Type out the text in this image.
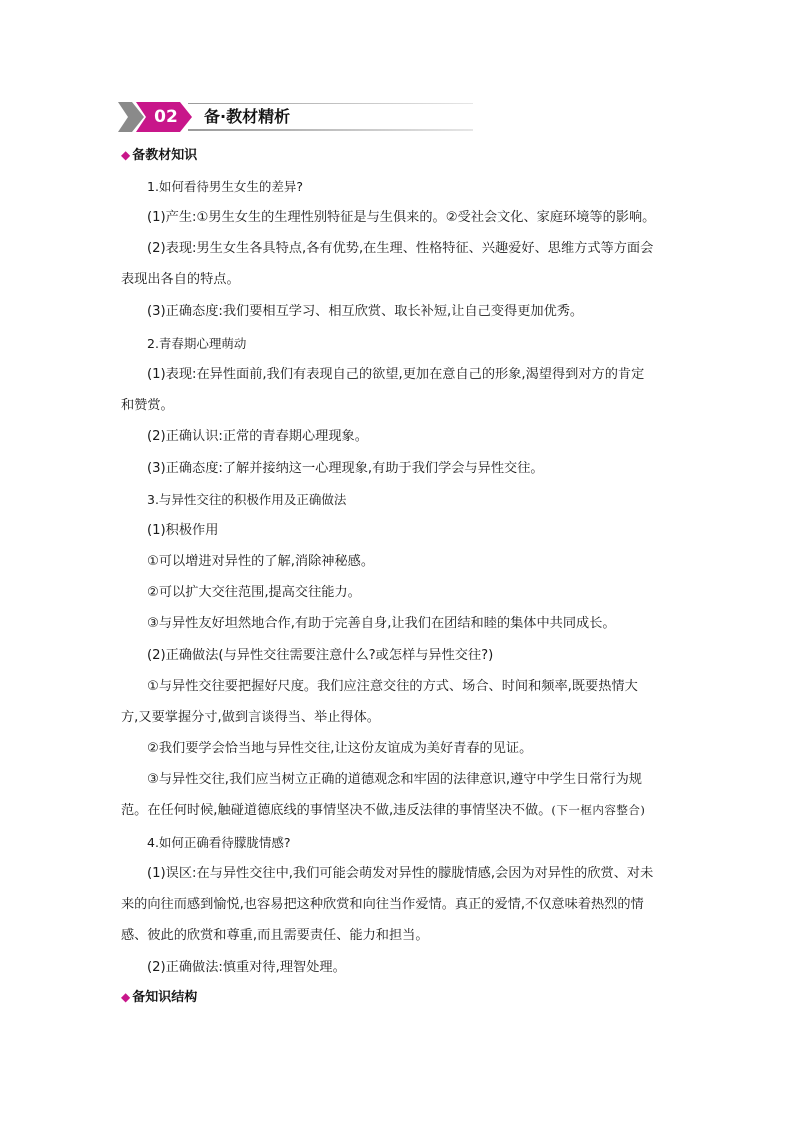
02	备·教材精析
◆ 备教材知识
1.如何看待男生女生的差异?
(1)产生:①男生女生的生理性别特征是与生俱来的。②受社会文化、家庭环境等的影响。
(2)表现:男生女生各具特点,各有优势,在生理、性格特征、兴趣爱好、思维方式等方面会
表现出各自的特点。
(3)正确态度:我们要相互学习、相互欣赏、取长补短,让自己变得更加优秀。
2.青春期心理萌动
(1)表现:在异性面前,我们有表现自己的欲望,更加在意自己的形象,渴望得到对方的肯定
和赞赏。
(2)正确认识:正常的青春期心理现象。
(3)正确态度:了解并接纳这一心理现象,有助于我们学会与异性交往。
3.与异性交往的积极作用及正确做法
(1)积极作用
①可以增进对异性的了解,消除神秘感。
②可以扩大交往范围,提高交往能力。
③与异性友好坦然地合作,有助于完善自身,让我们在团结和睦的集体中共同成长。
(2)正确做法(与异性交往需要注意什么?或怎样与异性交往?)
①与异性交往要把握好尺度。我们应注意交往的方式、场合、时间和频率,既要热情大
方,又要掌握分寸,做到言谈得当、举止得体。
②我们要学会恰当地与异性交往,让这份友谊成为美好青春的见证。
③与异性交往,我们应当树立正确的道德观念和牢固的法律意识,遵守中学生日常行为规
范。在任何时候,触碰道德底线的事情坚决不做,违反法律的事情坚决不做。(下一框内容整合)
4.如何正确看待朦胧情感?
(1)误区:在与异性交往中,我们可能会萌发对异性的朦胧情感,会因为对异性的欣赏、对未
来的向往而感到愉悦,也容易把这种欣赏和向往当作爱情。真正的爱情,不仅意味着热烈的情
感、彼此的欣赏和尊重,而且需要责任、能力和担当。
(2)正确做法:慎重对待,理智处理。
◆ 备知识结构
